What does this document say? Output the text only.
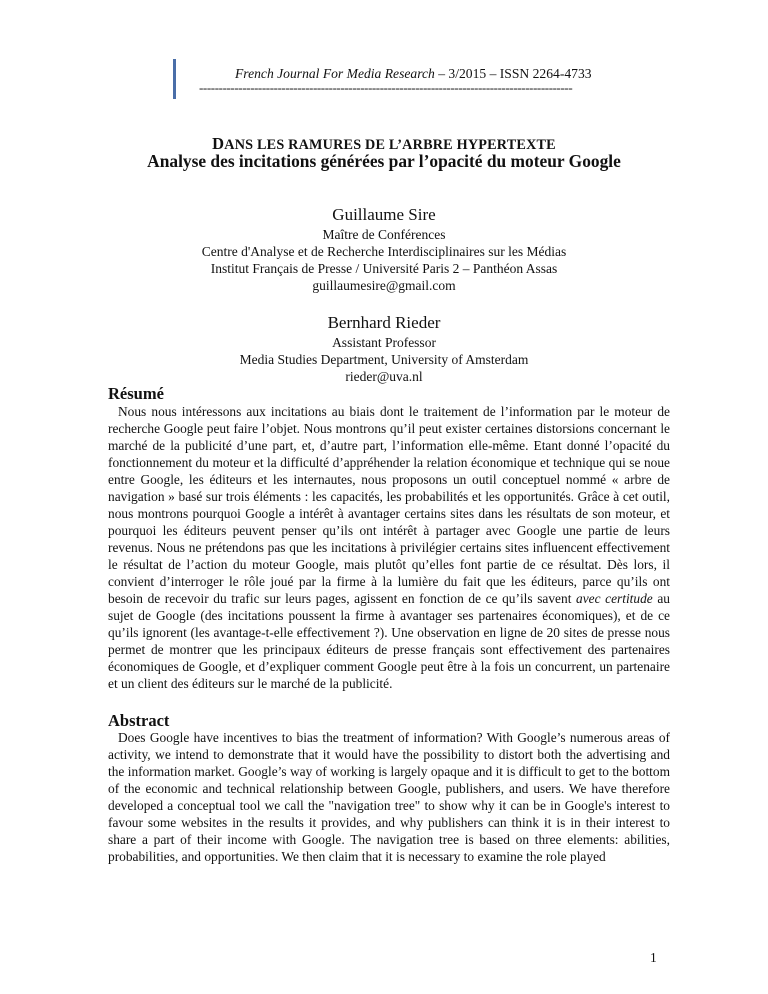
French Journal For Media Research – 3/2015 – ISSN 2264-4733
-----------------------------------------------------------------------------------------------
DANS LES RAMURES DE L’ARBRE HYPERTEXTE
Analyse des incitations générées par l’opacité du moteur Google
Guillaume Sire
Maître de Conférences
Centre d'Analyse et de Recherche Interdisciplinaires sur les Médias
Institut Français de Presse / Université Paris 2 – Panthéon Assas
guillaumesire@gmail.com
Bernhard Rieder
Assistant Professor
Media Studies Department, University of Amsterdam
rieder@uva.nl
Résumé
Nous nous intéressons aux incitations au biais dont le traitement de l’information par le moteur de recherche Google peut faire l’objet. Nous montrons qu’il peut exister certaines distorsions concernant le marché de la publicité d’une part, et, d’autre part, l’information elle-même. Etant donné l’opacité du fonctionnement du moteur et la difficulté d’appréhender la relation économique et technique qui se noue entre Google, les éditeurs et les internautes, nous proposons un outil conceptuel nommé « arbre de navigation » basé sur trois éléments : les capacités, les probabilités et les opportunités. Grâce à cet outil, nous montrons pourquoi Google a intérêt à avantager certains sites dans les résultats de son moteur, et pourquoi les éditeurs peuvent penser qu’ils ont intérêt à partager avec Google une partie de leurs revenus. Nous ne prétendons pas que les incitations à privilégier certains sites influencent effectivement le résultat de l’action du moteur Google, mais plutôt qu’elles font partie de ce résultat. Dès lors, il convient d’interroger le rôle joué par la firme à la lumière du fait que les éditeurs, parce qu’ils ont besoin de recevoir du trafic sur leurs pages, agissent en fonction de ce qu’ils savent avec certitude au sujet de Google (des incitations poussent la firme à avantager ses partenaires économiques), et de ce qu’ils ignorent (les avantage-t-elle effectivement ?). Une observation en ligne de 20 sites de presse nous permet de montrer que les principaux éditeurs de presse français sont effectivement des partenaires économiques de Google, et d’expliquer comment Google peut être à la fois un concurrent, un partenaire et un client des éditeurs sur le marché de la publicité.
Abstract
Does Google have incentives to bias the treatment of information? With Google’s numerous areas of activity, we intend to demonstrate that it would have the possibility to distort both the advertising and the information market. Google’s way of working is largely opaque and it is difficult to get to the bottom of the economic and technical relationship between Google, publishers, and users. We have therefore developed a conceptual tool we call the "navigation tree" to show why it can be in Google's interest to favour some websites in the results it provides, and why publishers can think it is in their interest to share a part of their income with Google. The navigation tree is based on three elements: abilities, probabilities, and opportunities. We then claim that it is necessary to examine the role played
1
